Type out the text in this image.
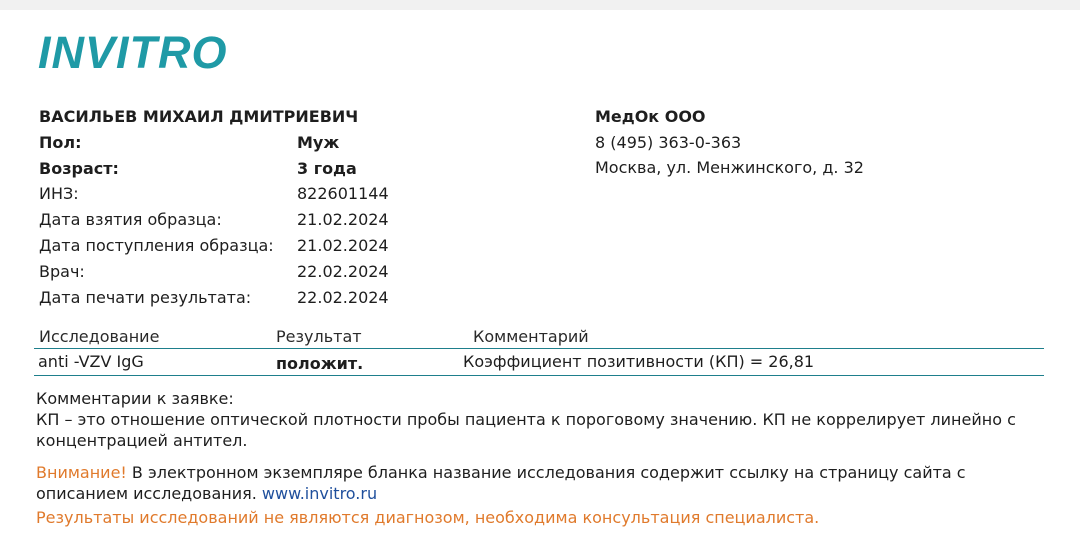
INVITRO
ВАСИЛЬЕВ МИХАИЛ ДМИТРИЕВИЧ
Пол:	Муж
Возраст:	3 года
ИНЗ:	822601144
Дата взятия образца:	21.02.2024
Дата поступления образца: 21.02.2024
Врач:	22.02.2024
Дата печати результата:	22.02.2024
МедОк ООО
8 (495) 363-0-363
Москва, ул. Менжинского, д. 32
Исследование	Результат	Комментарий
anti -VZV IgG	положит.	Коэффициент позитивности (КП) = 26,81
Комментарии к заявке:
КП – это отношение оптической плотности пробы пациента к пороговому значению. КП не коррелирует линейно с концентрацией антител.
Внимание! В электронном экземпляре бланка название исследования содержит ссылку на страницу сайта с описанием исследования. www.invitro.ru
Результаты исследований не являются диагнозом, необходима консультация специалиста.
